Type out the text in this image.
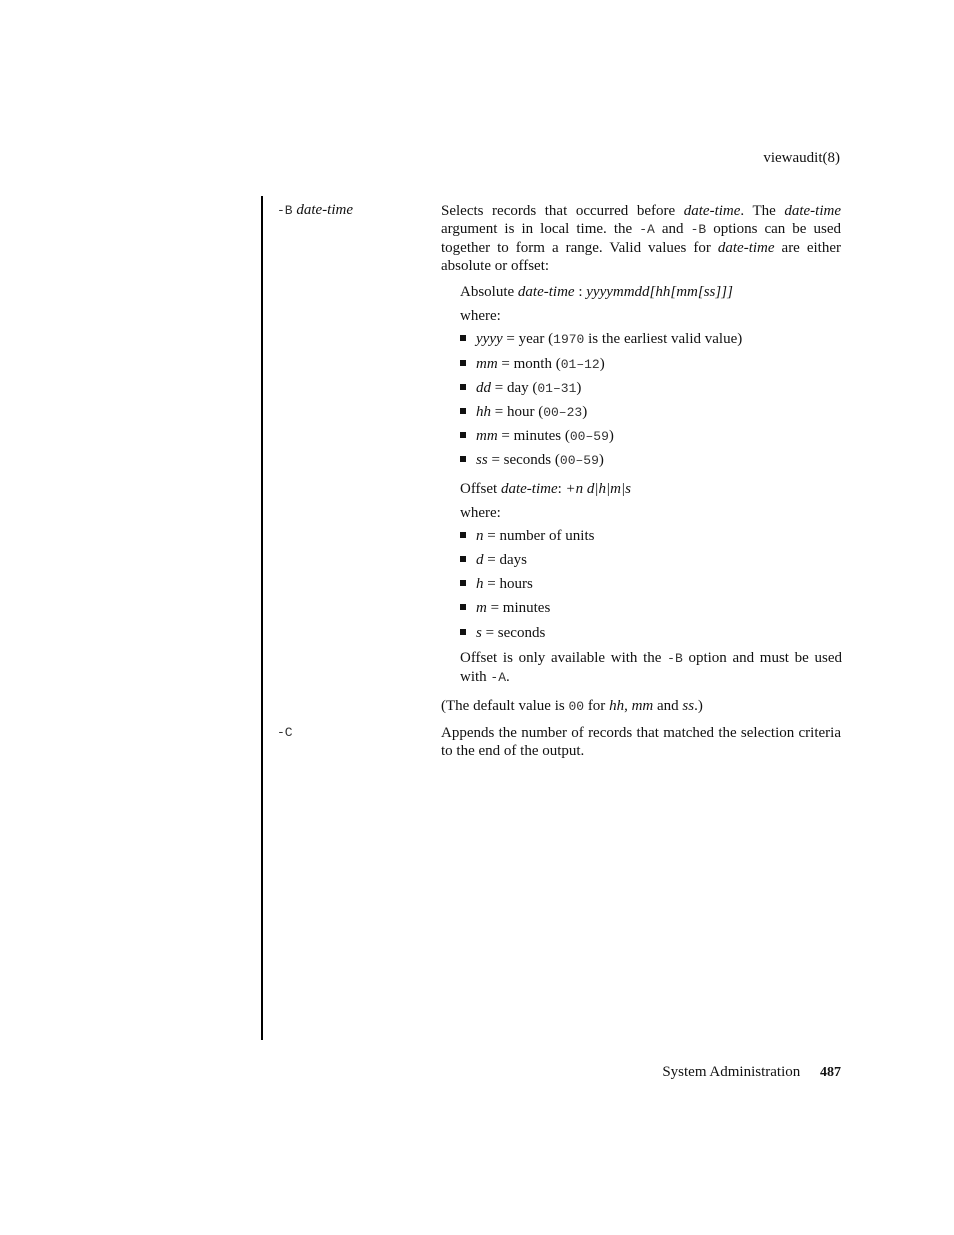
viewaudit(8)
-B date-time	Selects records that occurred before date-time. The date-time argument is in local time. the -A and -B options can be used together to form a range. Valid values for date-time are either absolute or offset:
Absolute date-time : yyyymmdd[hh[mm[ss]]]
where:
yyyy = year (1970 is the earliest valid value)
mm = month (01–12)
dd = day (01–31)
hh = hour (00–23)
mm = minutes (00–59)
ss = seconds (00–59)
Offset date-time: +n d|h|m|s
where:
n = number of units
d = days
h = hours
m = minutes
s = seconds
Offset is only available with the -B option and must be used with -A.
(The default value is 00 for hh, mm and ss.)
-C	Appends the number of records that matched the selection criteria to the end of the output.
System Administration 487
